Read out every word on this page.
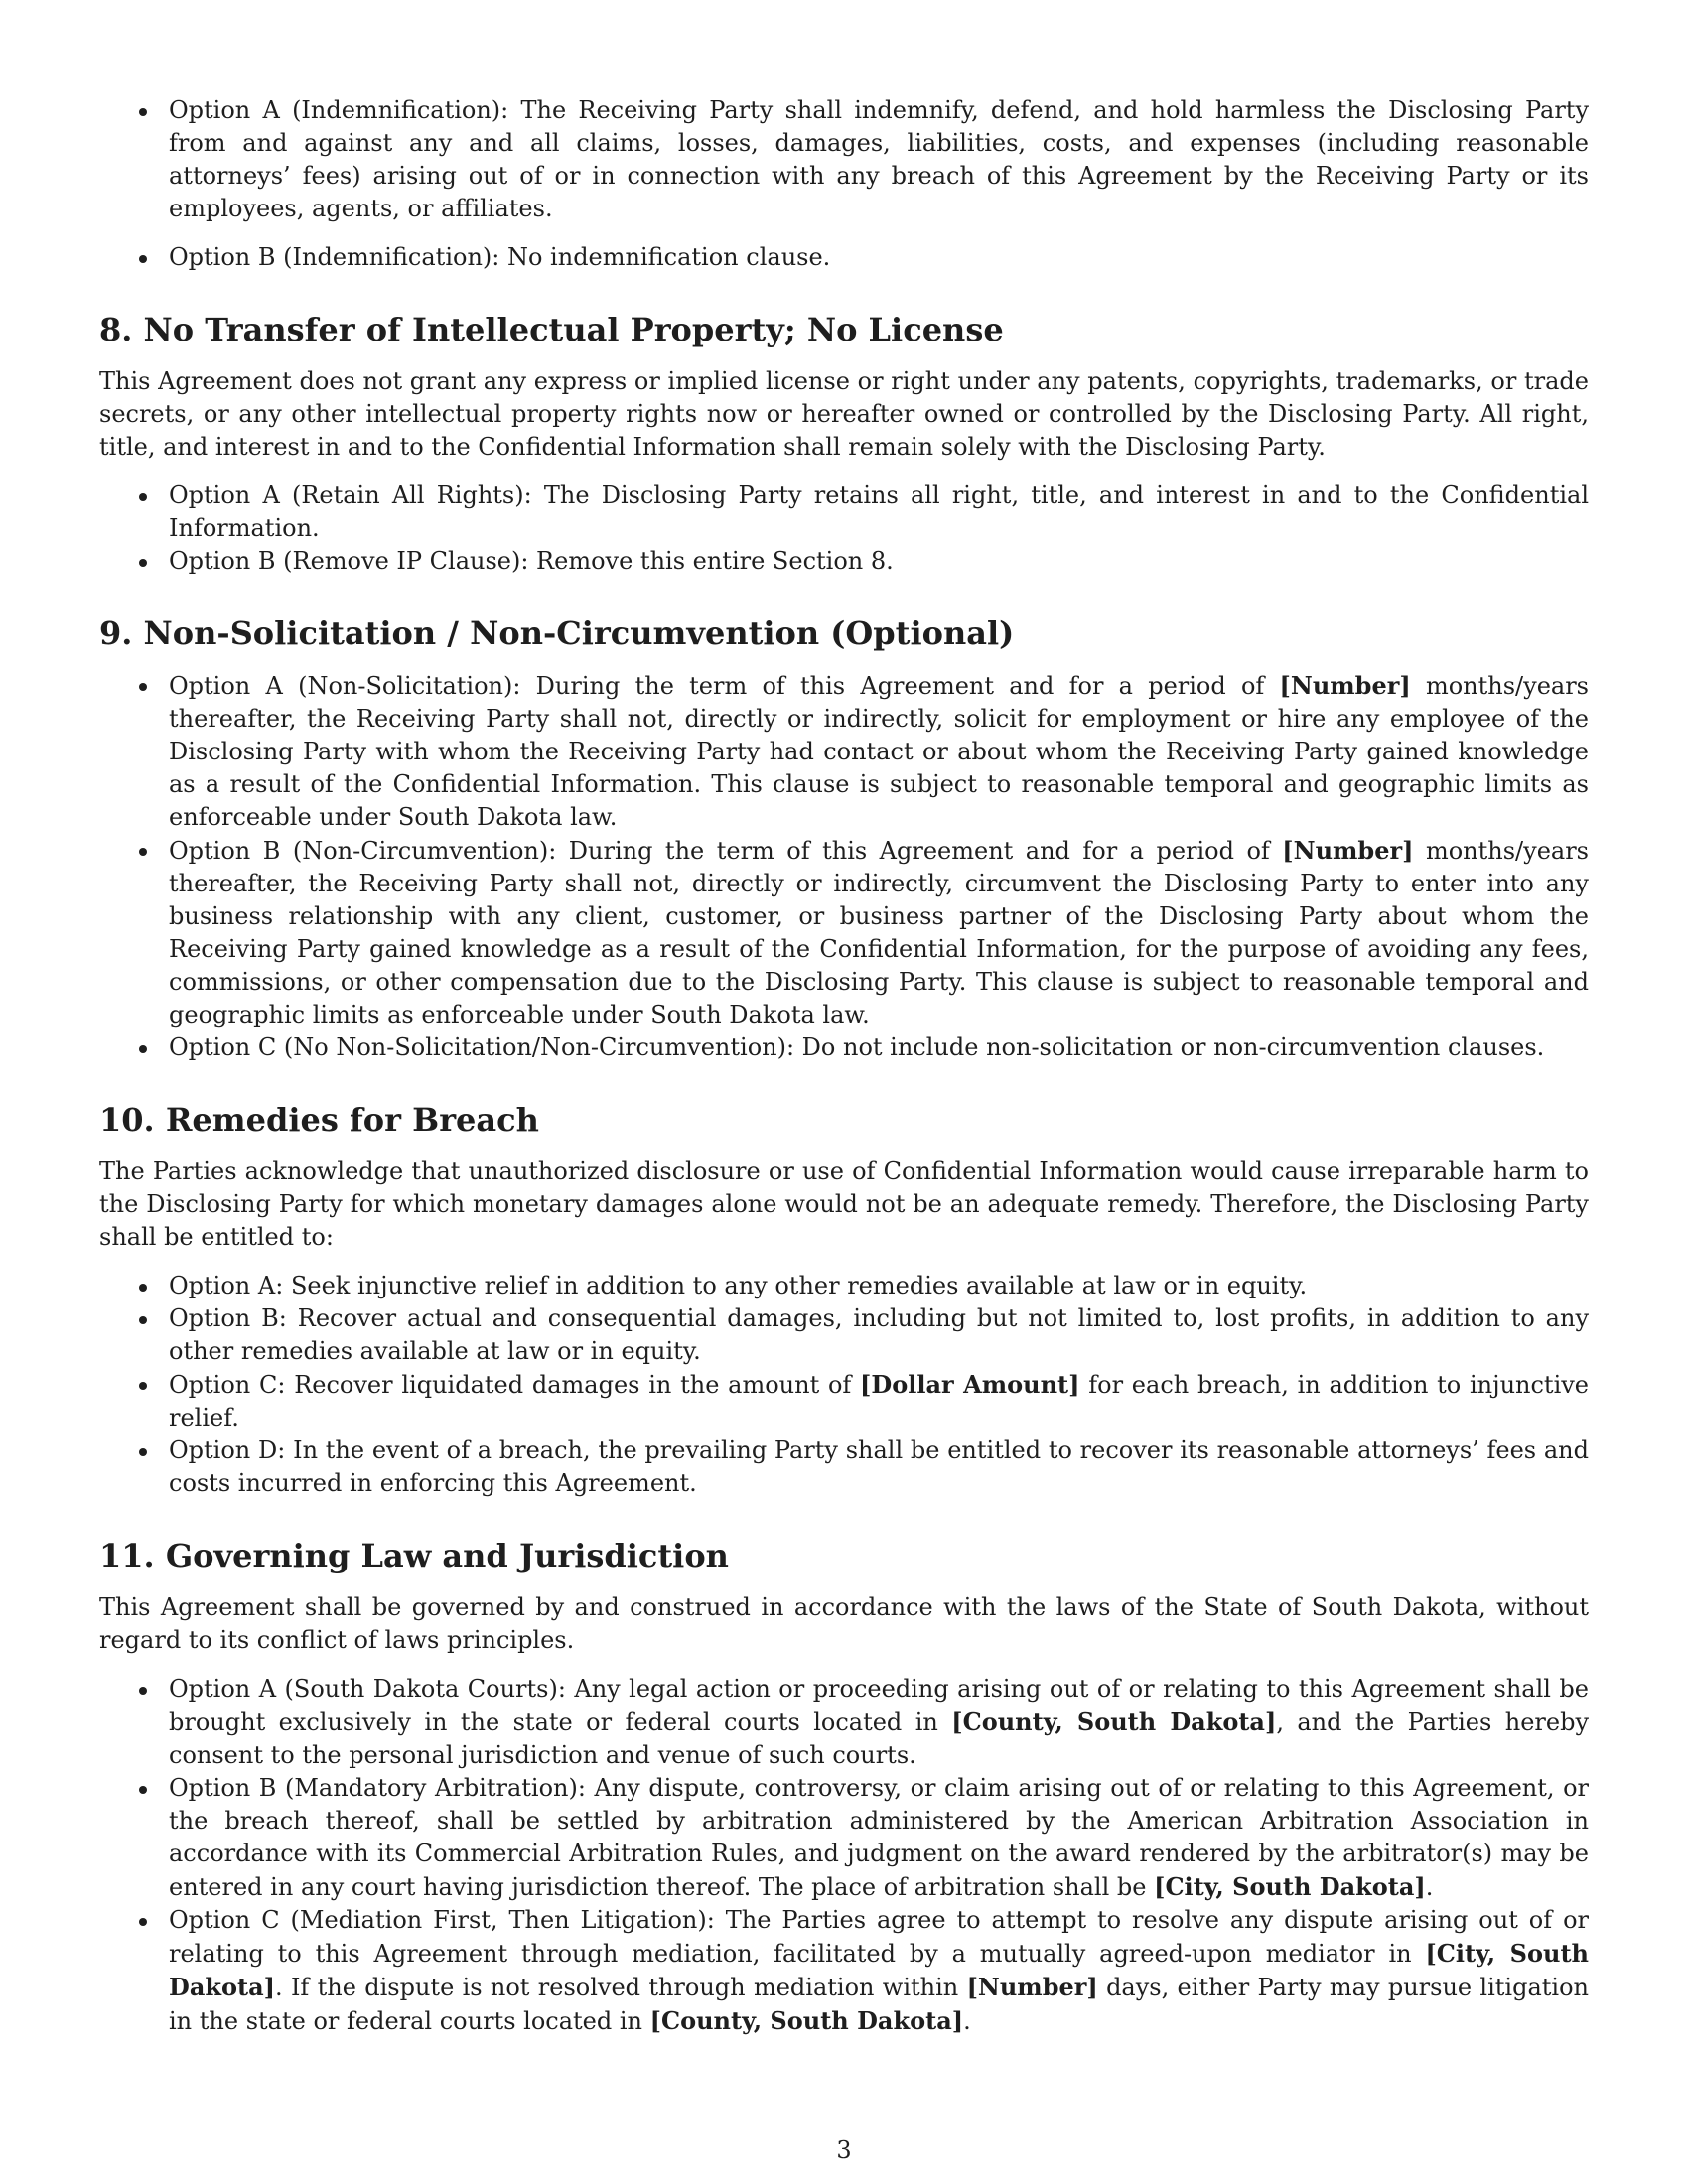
Option A (Indemnification): The Receiving Party shall indemnify, defend, and hold harmless the Disclosing Party from and against any and all claims, losses, damages, liabilities, costs, and expenses (including reasonable attorneys’ fees) arising out of or in connection with any breach of this Agreement by the Receiving Party or its employees, agents, or affiliates.
Option B (Indemnification): No indemnification clause.
8. No Transfer of Intellectual Property; No License

This Agreement does not grant any express or implied license or right under any patents, copyrights, trademarks, or trade secrets, or any other intellectual property rights now or hereafter owned or controlled by the Disclosing Party. All right, title, and interest in and to the Confidential Information shall remain solely with the Disclosing Party.

Option A (Retain All Rights): The Disclosing Party retains all right, title, and interest in and to the Confidential Information.
Option B (Remove IP Clause): Remove this entire Section 8.
9. Non-Solicitation / Non-Circumvention (Optional)
Option A (Non-Solicitation): During the term of this Agreement and for a period of [Number] months/years thereafter, the Receiving Party shall not, directly or indirectly, solicit for employment or hire any employee of the Disclosing Party with whom the Receiving Party had contact or about whom the Receiving Party gained knowledge as a result of the Confidential Information. This clause is subject to reasonable temporal and geographic limits as enforceable under South Dakota law.
Option B (Non-Circumvention): During the term of this Agreement and for a period of [Number] months/years thereafter, the Receiving Party shall not, directly or indirectly, circumvent the Disclosing Party to enter into any business relationship with any client, customer, or business partner of the Disclosing Party about whom the Receiving Party gained knowledge as a result of the Confidential Information, for the purpose of avoiding any fees, commissions, or other compensation due to the Disclosing Party. This clause is subject to reasonable temporal and geographic limits as enforceable under South Dakota law.
Option C (No Non-Solicitation/Non-Circumvention): Do not include non-solicitation or non-circumvention clauses.
10. Remedies for Breach

The Parties acknowledge that unauthorized disclosure or use of Confidential Information would cause irreparable harm to the Disclosing Party for which monetary damages alone would not be an adequate remedy. Therefore, the Disclosing Party shall be entitled to:

Option A: Seek injunctive relief in addition to any other remedies available at law or in equity.
Option B: Recover actual and consequential damages, including but not limited to, lost profits, in addition to any other remedies available at law or in equity.
Option C: Recover liquidated damages in the amount of [Dollar Amount] for each breach, in addition to injunctive relief.
Option D: In the event of a breach, the prevailing Party shall be entitled to recover its reasonable attorneys’ fees and costs incurred in enforcing this Agreement.
11. Governing Law and Jurisdiction

This Agreement shall be governed by and construed in accordance with the laws of the State of South Dakota, without regard to its conflict of laws principles.

Option A (South Dakota Courts): Any legal action or proceeding arising out of or relating to this Agreement shall be brought exclusively in the state or federal courts located in [County, South Dakota], and the Parties hereby consent to the personal jurisdiction and venue of such courts.
Option B (Mandatory Arbitration): Any dispute, controversy, or claim arising out of or relating to this Agreement, or the breach thereof, shall be settled by arbitration administered by the American Arbitration Association in accordance with its Commercial Arbitration Rules, and judgment on the award rendered by the arbitrator(s) may be entered in any court having jurisdiction thereof. The place of arbitration shall be [City, South Dakota].
Option C (Mediation First, Then Litigation): The Parties agree to attempt to resolve any dispute arising out of or relating to this Agreement through mediation, facilitated by a mutually agreed-upon mediator in [City, South Dakota]. If the dispute is not resolved through mediation within [Number] days, either Party may pursue litigation in the state or federal courts located in [County, South Dakota].
3
